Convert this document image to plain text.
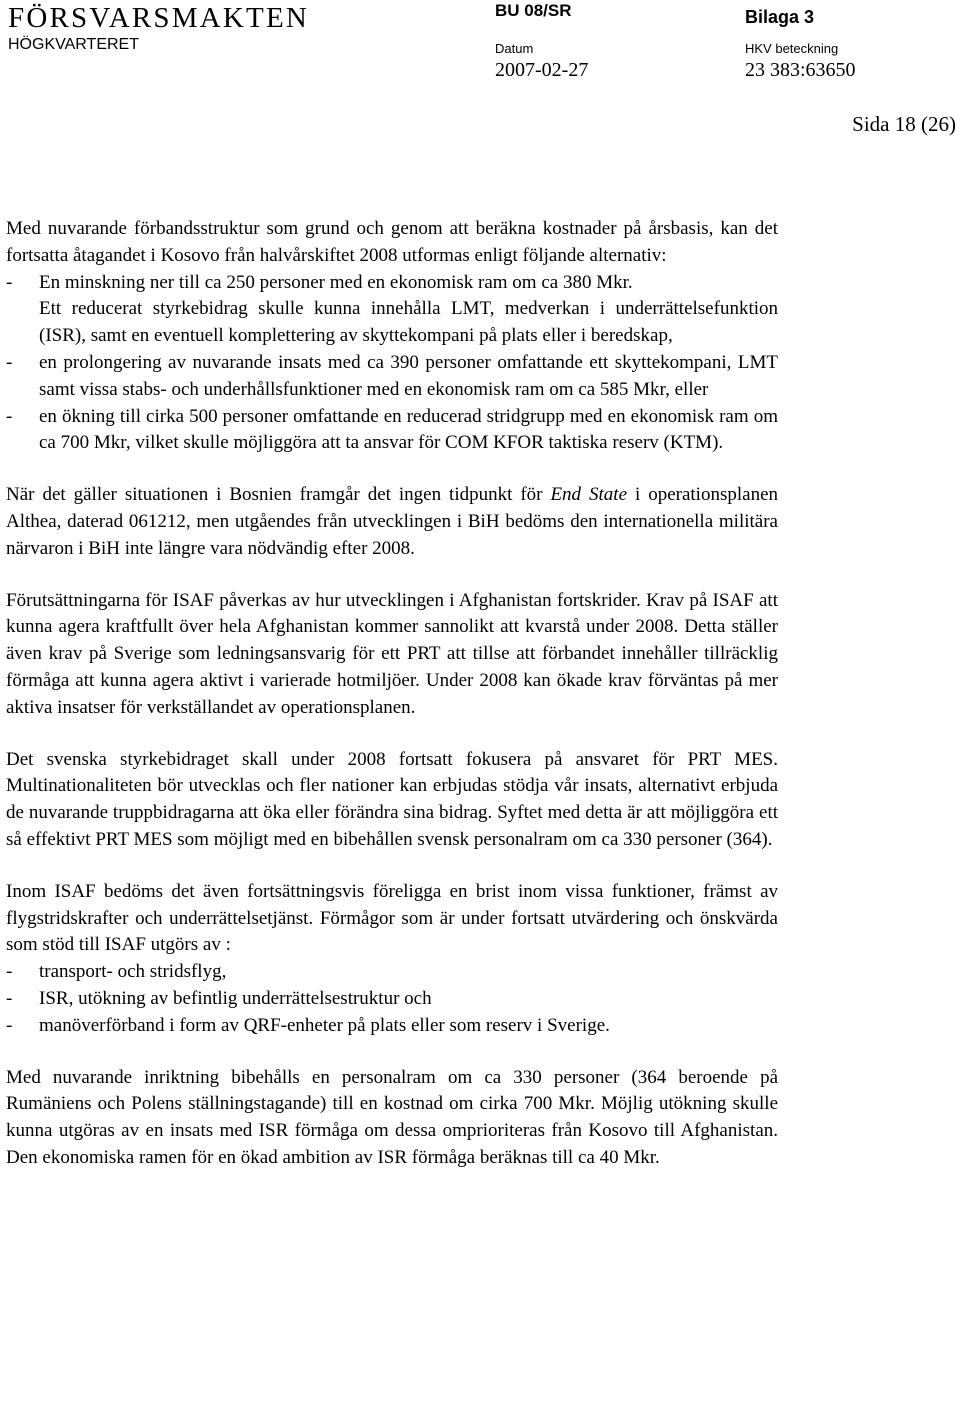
FÖRSVARSMAKTEN
HÖGKVARTERET
BU 08/SR	Bilaga 3
Datum	HKV beteckning
2007-02-27	23 383:63650
Sida 18 (26)

Med nuvarande förbandsstruktur som grund och genom att beräkna kostnader på årsbasis, kan det fortsatta åtagandet i Kosovo från halvårskiftet 2008 utformas enligt följande alternativ:

-	En minskning ner till ca 250 personer med en ekonomisk ram om ca 380 Mkr.

Ett reducerat styrkebidrag skulle kunna innehålla LMT, medverkan i underrättelsefunktion (ISR), samt en eventuell komplettering av skyttekompani på plats eller i beredskap,

-	en prolongering av nuvarande insats med ca 390 personer omfattande ett skyttekompani, LMT samt vissa stabs- och underhållsfunktioner med en ekonomisk ram om ca 585 Mkr, eller
-	en ökning till cirka 500 personer omfattande en reducerad stridgrupp med en ekonomisk ram om ca 700 Mkr, vilket skulle möjliggöra att ta ansvar för COM KFOR taktiska reserv (KTM).

När det gäller situationen i Bosnien framgår det ingen tidpunkt för End State i operationsplanen Althea, daterad 061212, men utgåendes från utvecklingen i BiH bedöms den internationella militära närvaron i BiH inte längre vara nödvändig efter 2008.

Förutsättningarna för ISAF påverkas av hur utvecklingen i Afghanistan fortskrider. Krav på ISAF att kunna agera kraftfullt över hela Afghanistan kommer sannolikt att kvarstå under 2008. Detta ställer även krav på Sverige som ledningsansvarig för ett PRT att tillse att förbandet innehåller tillräcklig förmåga att kunna agera aktivt i varierade hotmiljöer. Under 2008 kan ökade krav förväntas på mer aktiva insatser för verkställandet av operationsplanen.

Det svenska styrkebidraget skall under 2008 fortsatt fokusera på ansvaret för PRT MES. Multinationaliteten bör utvecklas och fler nationer kan erbjudas stödja vår insats, alternativt erbjuda de nuvarande truppbidragarna att öka eller förändra sina bidrag. Syftet med detta är att möjliggöra ett så effektivt PRT MES som möjligt med en bibehållen svensk personalram om ca 330 personer (364).

Inom ISAF bedöms det även fortsättningsvis föreligga en brist inom vissa funktioner, främst av flygstridskrafter och underrättelsetjänst. Förmågor som är under fortsatt utvärdering och önskvärda som stöd till ISAF utgörs av :

-	transport- och stridsflyg,
-	ISR, utökning av befintlig underrättelsestruktur och
-	manöverförband i form av QRF-enheter på plats eller som reserv i Sverige.

Med nuvarande inriktning bibehålls en personalram om ca 330 personer (364 beroende på Rumäniens och Polens ställningstagande) till en kostnad om cirka 700 Mkr. Möjlig utökning skulle kunna utgöras av en insats med ISR förmåga om dessa omprioriteras från Kosovo till Afghanistan. Den ekonomiska ramen för en ökad ambition av ISR förmåga beräknas till ca 40 Mkr.
